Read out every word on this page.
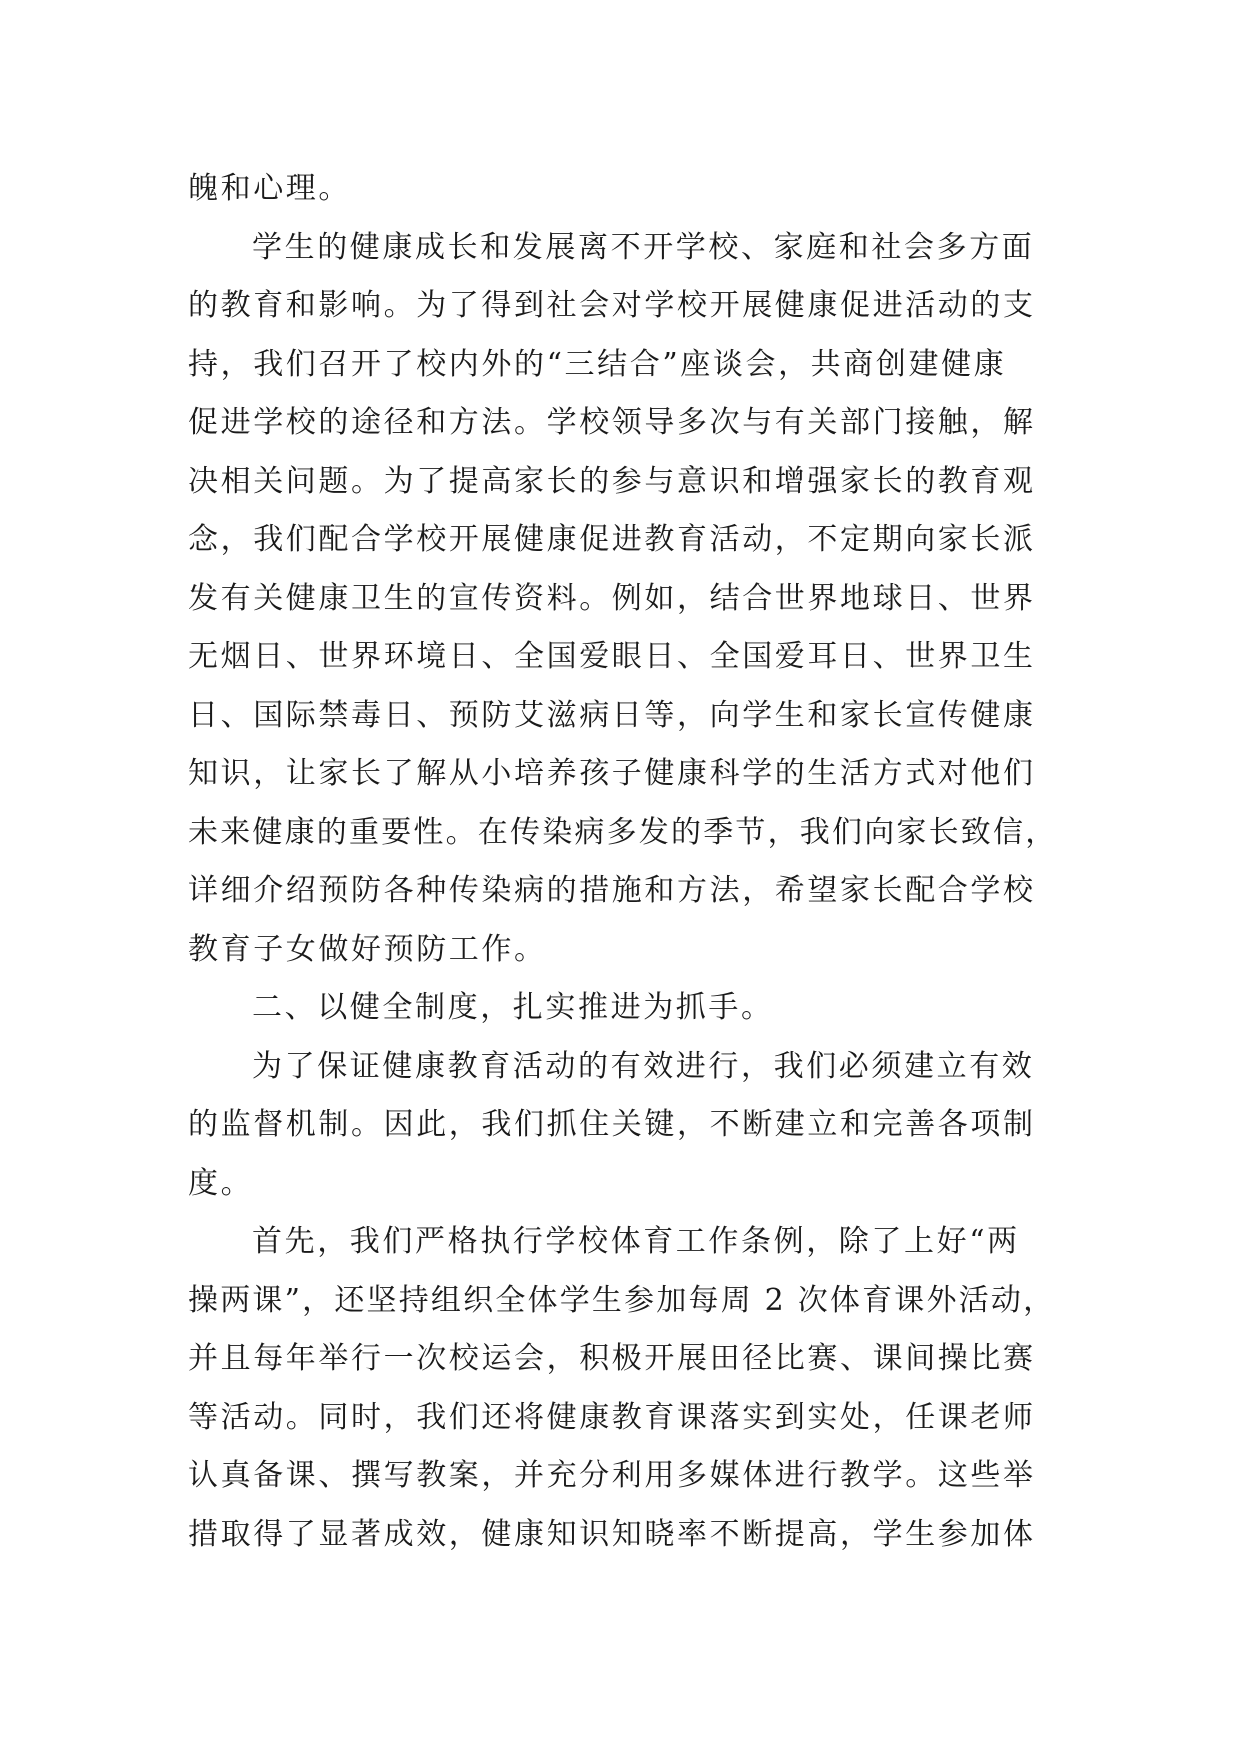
魄和心理。
学生的健康成长和发展离不开学校、家庭和社会多方面
的教育和影响。为了得到社会对学校开展健康促进活动的支
持，我们召开了校内外的“三结合”座谈会，共商创建健康
促进学校的途径和方法。学校领导多次与有关部门接触，解
决相关问题。为了提高家长的参与意识和增强家长的教育观
念，我们配合学校开展健康促进教育活动，不定期向家长派
发有关健康卫生的宣传资料。例如，结合世界地球日、世界
无烟日、世界环境日、全国爱眼日、全国爱耳日、世界卫生
日、国际禁毒日、预防艾滋病日等，向学生和家长宣传健康
知识，让家长了解从小培养孩子健康科学的生活方式对他们
未来健康的重要性。在传染病多发的季节，我们向家长致信，
详细介绍预防各种传染病的措施和方法，希望家长配合学校
教育子女做好预防工作。
二、以健全制度，扎实推进为抓手。
为了保证健康教育活动的有效进行，我们必须建立有效
的监督机制。因此，我们抓住关键，不断建立和完善各项制
度。
首先，我们严格执行学校体育工作条例，除了上好“两
操两课”，还坚持组织全体学生参加每周 2 次体育课外活动，
并且每年举行一次校运会，积极开展田径比赛、课间操比赛
等活动。同时，我们还将健康教育课落实到实处，任课老师
认真备课、撰写教案，并充分利用多媒体进行教学。这些举
措取得了显著成效，健康知识知晓率不断提高，学生参加体
